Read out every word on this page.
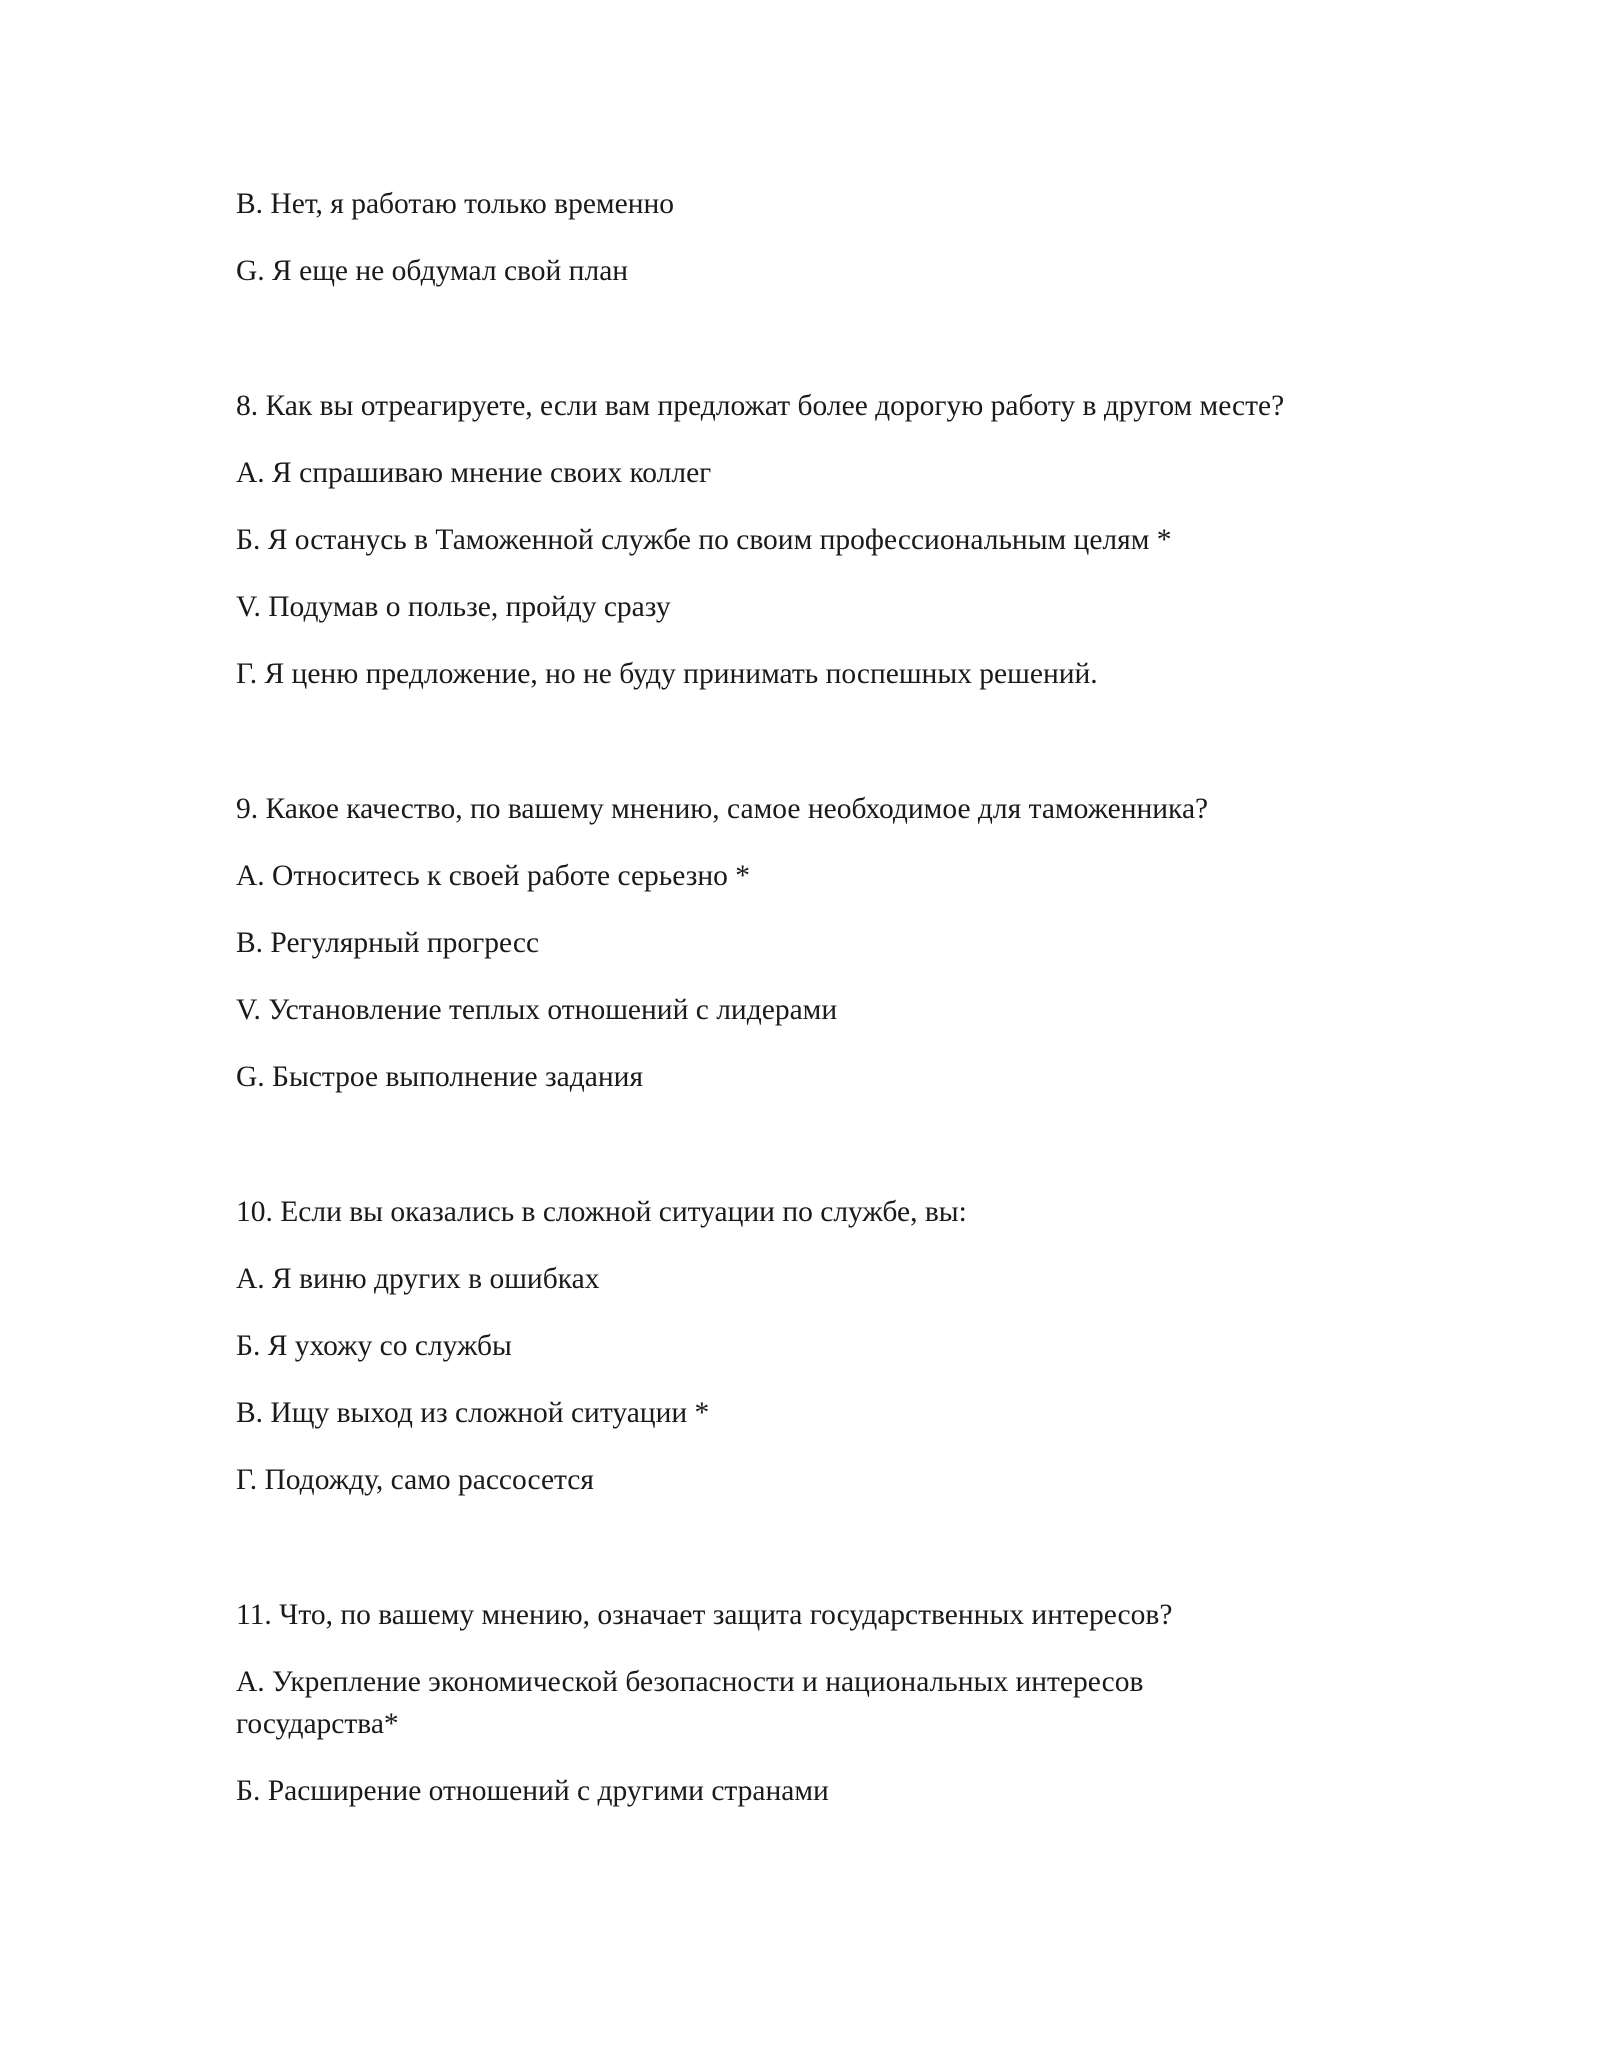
В. Нет, я работаю только временно

G. Я еще не обдумал свой план

8. Как вы отреагируете, если вам предложат более дорогую работу в другом месте?

A. Я спрашиваю мнение своих коллег

Б. Я останусь в Таможенной службе по своим профессиональным целям *

V. Подумав о пользе, пройду сразу

Г. Я ценю предложение, но не буду принимать поспешных решений.

9. Какое качество, по вашему мнению, самое необходимое для таможенника?

A. Относитесь к своей работе серьезно *

B. Регулярный прогресс

V. Установление теплых отношений с лидерами

G. Быстрое выполнение задания

10. Если вы оказались в сложной ситуации по службе, вы:

А. Я виню других в ошибках

Б. Я ухожу со службы

В. Ищу выход из сложной ситуации *

Г. Подожду, само рассосется

11. Что, по вашему мнению, означает защита государственных интересов?

А. Укрепление экономической безопасности и национальных интересов государства*

Б. Расширение отношений с другими странами
